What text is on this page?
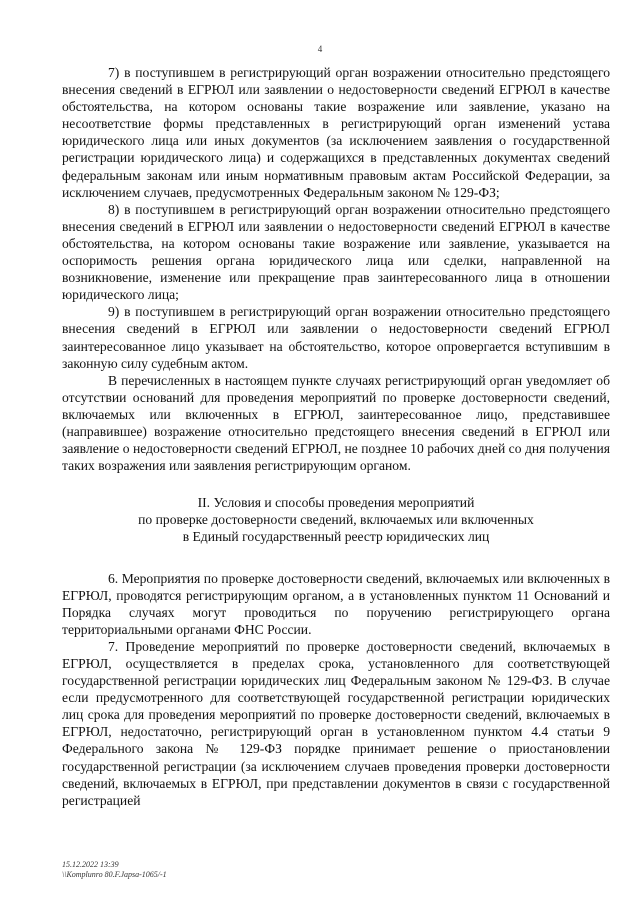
4

7) в поступившем в регистрирующий орган возражении относительно предстоящего внесения сведений в ЕГРЮЛ или заявлении о недостоверности сведений ЕГРЮЛ в качестве обстоятельства, на котором основаны такие возражение или заявление, указано на несоответствие формы представленных в регистрирующий орган изменений устава юридического лица или иных документов (за исключением заявления о государственной регистрации юридического лица) и содержащихся в представленных документах сведений федеральным законам или иным нормативным правовым актам Российской Федерации, за исключением случаев, предусмотренных Федеральным законом № 129-ФЗ;

8) в поступившем в регистрирующий орган возражении относительно предстоящего внесения сведений в ЕГРЮЛ или заявлении о недостоверности сведений ЕГРЮЛ в качестве обстоятельства, на котором основаны такие возражение или заявление, указывается на оспоримость решения органа юридического лица или сделки, направленной на возникновение, изменение или прекращение прав заинтересованного лица в отношении юридического лица;

9) в поступившем в регистрирующий орган возражении относительно предстоящего внесения сведений в ЕГРЮЛ или заявлении о недостоверности сведений ЕГРЮЛ заинтересованное лицо указывает на обстоятельство, которое опровергается вступившим в законную силу судебным актом.

В перечисленных в настоящем пункте случаях регистрирующий орган уведомляет об отсутствии оснований для проведения мероприятий по проверке достоверности сведений, включаемых или включенных в ЕГРЮЛ, заинтересованное лицо, представившее (направившее) возражение относительно предстоящего внесения сведений в ЕГРЮЛ или заявление о недостоверности сведений ЕГРЮЛ, не позднее 10 рабочих дней со дня получения таких возражения или заявления регистрирующим органом.

II. Условия и способы проведения мероприятий

по проверке достоверности сведений, включаемых или включенных

в Единый государственный реестр юридических лиц

6. Мероприятия по проверке достоверности сведений, включаемых или включенных в ЕГРЮЛ, проводятся регистрирующим органом, а в установленных пунктом 11 Оснований и Порядка случаях могут проводиться по поручению регистрирующего органа территориальными органами ФНС России.

7. Проведение мероприятий по проверке достоверности сведений, включаемых в ЕГРЮЛ, осуществляется в пределах срока, установленного для соответствующей государственной регистрации юридических лиц Федеральным законом № 129-ФЗ. В случае если предусмотренного для соответствующей государственной регистрации юридических лиц срока для проведения мероприятий по проверке достоверности сведений, включаемых в ЕГРЮЛ, недостаточно, регистрирующий орган в установленном пунктом 4.4 статьи 9 Федерального закона № 129-ФЗ порядке принимает решение о приостановлении государственной регистрации (за исключением случаев проведения проверки достоверности сведений, включаемых в ЕГРЮЛ, при представлении документов в связи с государственной регистрацией

15.12.2022 13:39
\\Komplunro 80.F.Japsa-1065/-1
